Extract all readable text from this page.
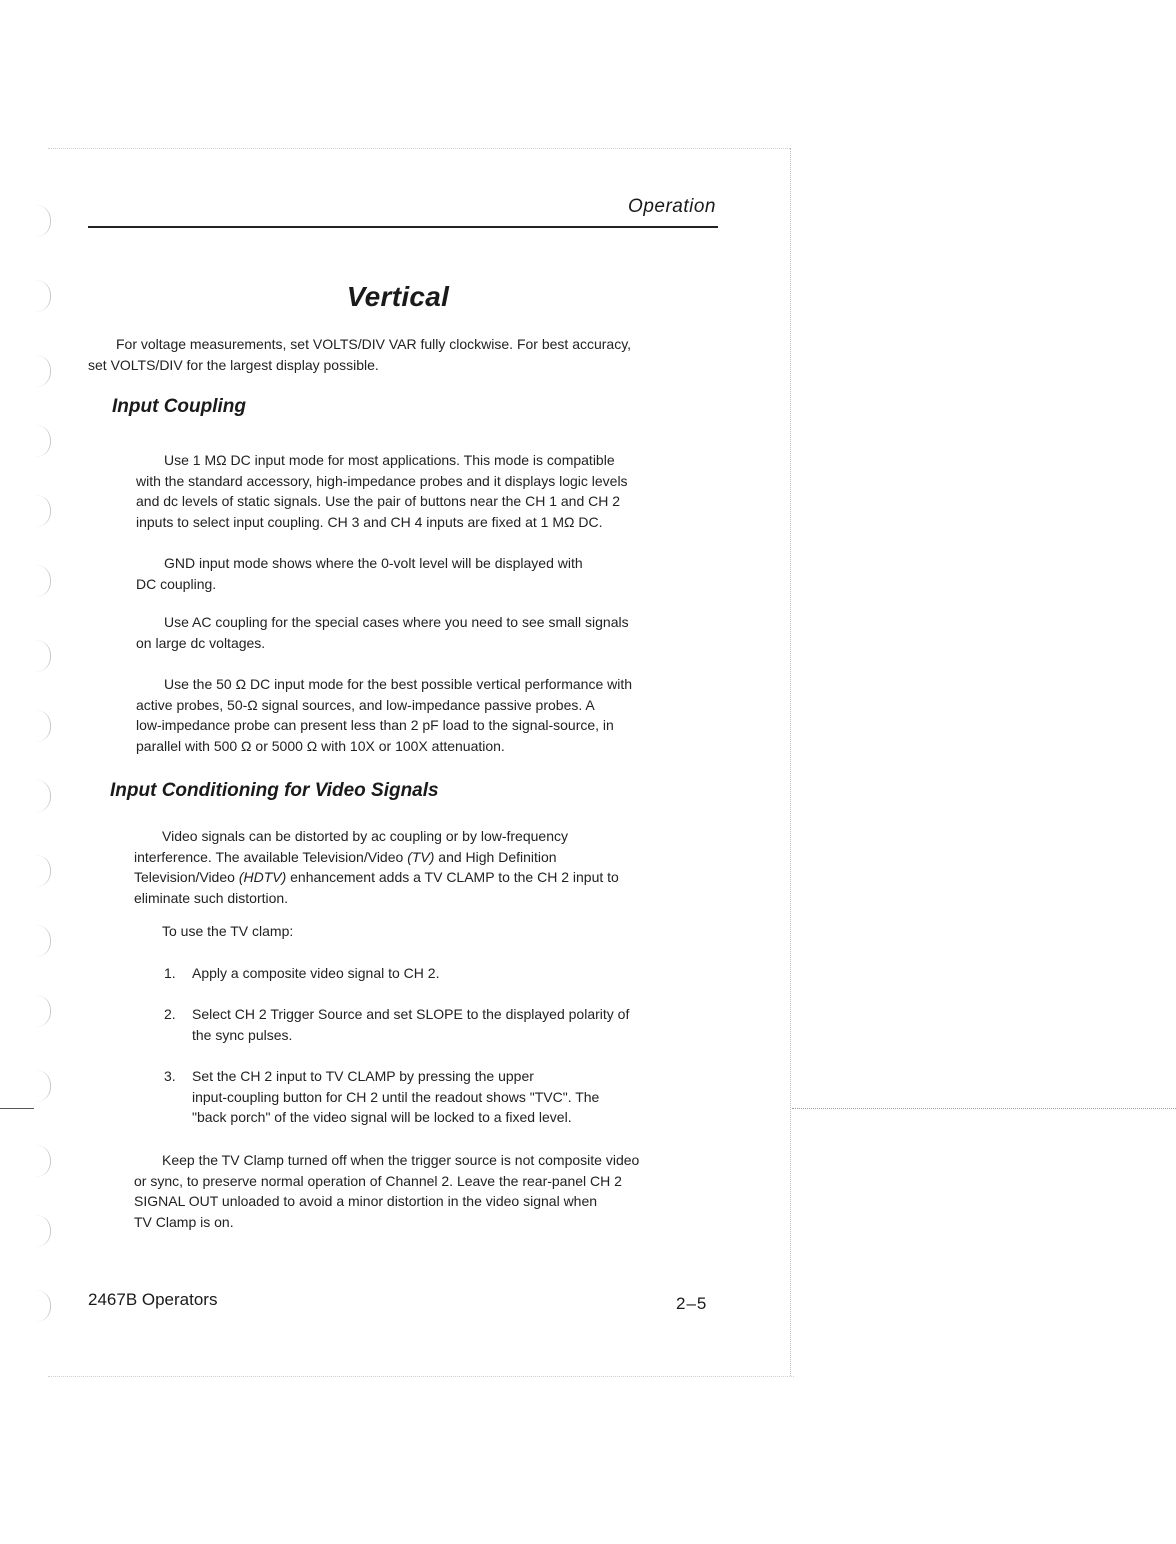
Operation
Vertical

For voltage measurements, set VOLTS/DIV VAR fully clockwise. For best accuracy,
set VOLTS/DIV for the largest display possible.

Input Coupling

Use 1 MΩ DC input mode for most applications. This mode is compatible
with the standard accessory, high-impedance probes and it displays logic levels
and dc levels of static signals. Use the pair of buttons near the CH 1 and CH 2
inputs to select input coupling. CH 3 and CH 4 inputs are fixed at 1 MΩ DC.

GND input mode shows where the 0-volt level will be displayed with
DC coupling.

Use AC coupling for the special cases where you need to see small signals
on large dc voltages.

Use the 50 Ω DC input mode for the best possible vertical performance with
active probes, 50-Ω signal sources, and low-impedance passive probes. A
low-impedance probe can present less than 2 pF load to the signal-source, in
parallel with 500 Ω or 5000 Ω with 10X or 100X attenuation.

Input Conditioning for Video Signals

Video signals can be distorted by ac coupling or by low-frequency
interference. The available Television/Video (TV) and High Definition
Television/Video (HDTV) enhancement adds a TV CLAMP to the CH 2 input to
eliminate such distortion.

To use the TV clamp:

1. Apply a composite video signal to CH 2.

2. Select CH 2 Trigger Source and set SLOPE to the displayed polarity of
the sync pulses.

3. Set the CH 2 input to TV CLAMP by pressing the upper
input-coupling button for CH 2 until the readout shows "TVC". The
"back porch" of the video signal will be locked to a fixed level.

Keep the TV Clamp turned off when the trigger source is not composite video
or sync, to preserve normal operation of Channel 2. Leave the rear-panel CH 2
SIGNAL OUT unloaded to avoid a minor distortion in the video signal when
TV Clamp is on.

2467B Operators	2–5
